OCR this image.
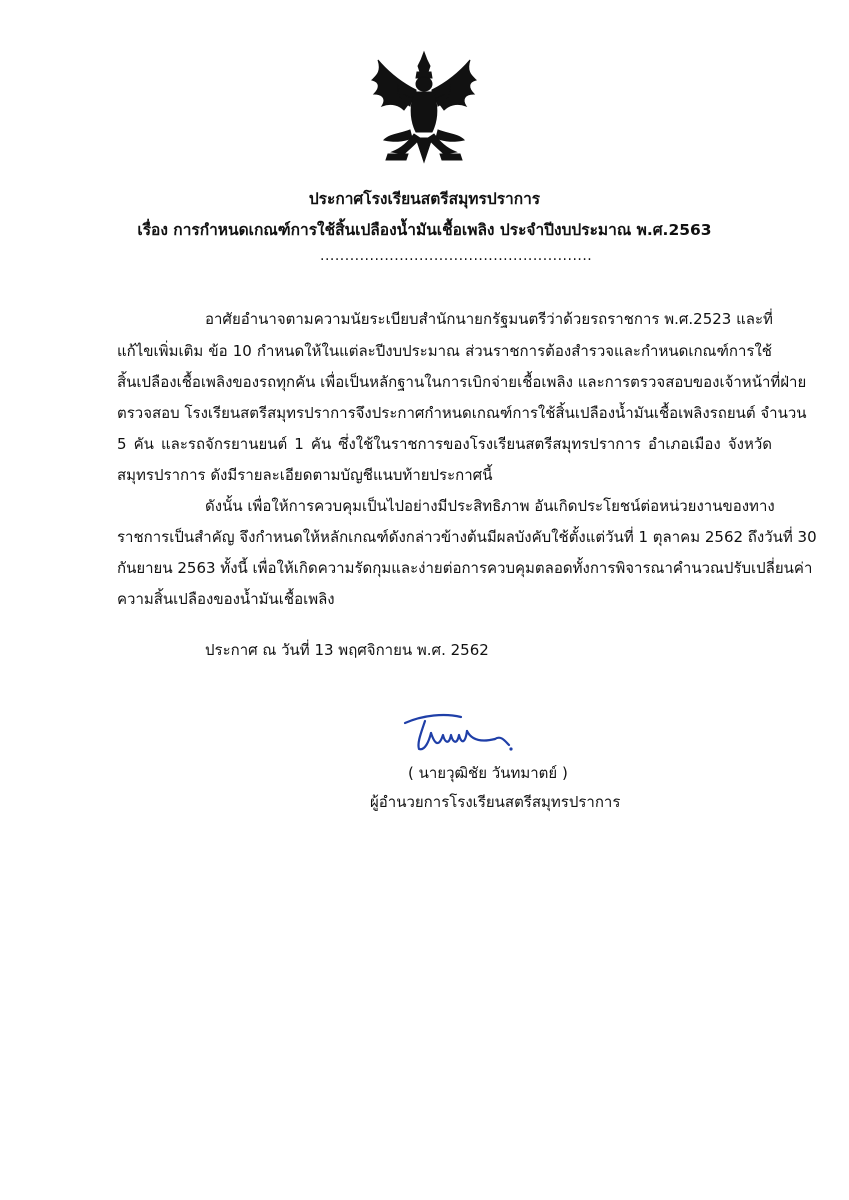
ประกาศโรงเรียนสตรีสมุทรปราการ
เรื่อง การกำหนดเกณฑ์การใช้สิ้นเปลืองน้ำมันเชื้อเพลิง ประจำปีงบประมาณ พ.ศ.2563
.......................................................
อาศัยอำนาจตามความนัยระเบียบสำนักนายกรัฐมนตรีว่าด้วยรถราชการ พ.ศ.2523 และที่
แก้ไขเพิ่มเติม ข้อ 10 กำหนดให้ในแต่ละปีงบประมาณ ส่วนราชการต้องสำรวจและกำหนดเกณฑ์การใช้
สิ้นเปลืองเชื้อเพลิงของรถทุกคัน เพื่อเป็นหลักฐานในการเบิกจ่ายเชื้อเพลิง และการตรวจสอบของเจ้าหน้าที่ฝ่าย
ตรวจสอบ โรงเรียนสตรีสมุทรปราการจึงประกาศกำหนดเกณฑ์การใช้สิ้นเปลืองน้ำมันเชื้อเพลิงรถยนต์ จำนวน
5 คัน และรถจักรยานยนต์ 1 คัน ซึ่งใช้ในราชการของโรงเรียนสตรีสมุทรปราการ อำเภอเมือง จังหวัด
สมุทรปราการ ดังมีรายละเอียดตามบัญชีแนบท้ายประกาศนี้
ดังนั้น เพื่อให้การควบคุมเป็นไปอย่างมีประสิทธิภาพ อันเกิดประโยชน์ต่อหน่วยงานของทาง
ราชการเป็นสำคัญ จึงกำหนดให้หลักเกณฑ์ดังกล่าวข้างต้นมีผลบังคับใช้ตั้งแต่วันที่ 1 ตุลาคม 2562 ถึงวันที่ 30
กันยายน 2563 ทั้งนี้ เพื่อให้เกิดความรัดกุมและง่ายต่อการควบคุมตลอดทั้งการพิจารณาคำนวณปรับเปลี่ยนค่า
ความสิ้นเปลืองของน้ำมันเชื้อเพลิง
ประกาศ ณ วันที่ 13 พฤศจิกายน พ.ศ. 2562
( นายวุฒิชัย วันทมาตย์ )
ผู้อำนวยการโรงเรียนสตรีสมุทรปราการ
